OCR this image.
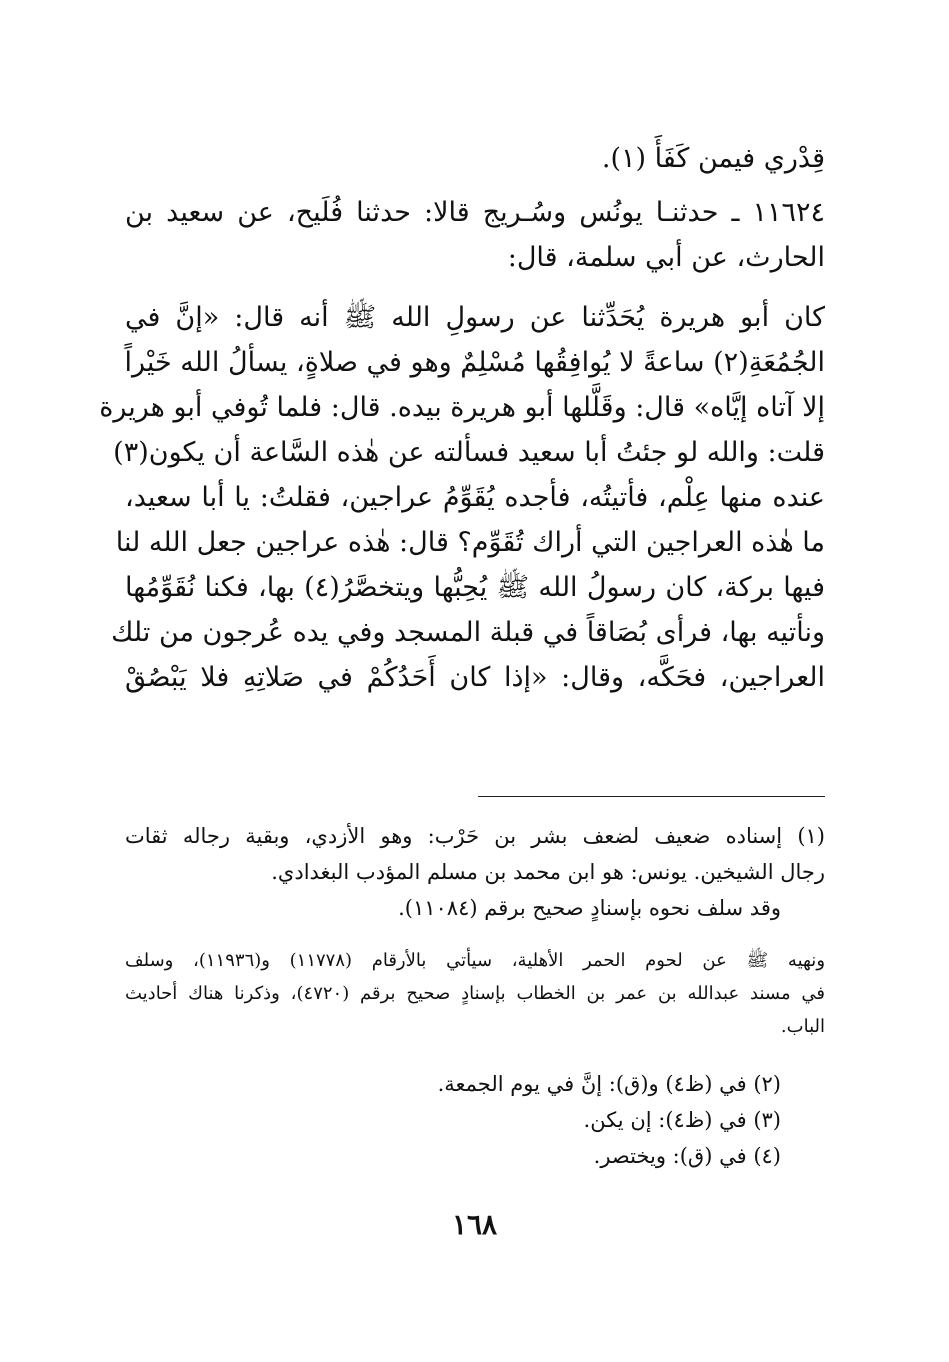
قِدْري فيمن كَفَأَ (١).
١١٦٢٤ ـ حدثنـا يونُس وسُـريج قالا: حدثنا فُلَيح، عن سعيد بن
الحارث، عن أبي سلمة، قال:
كان أبو هريرة يُحَدِّثنا عن رسولِ الله ﷺ أنه قال: «إنَّ في
الجُمُعَةِ(٢) ساعةً لا يُوافِقُها مُسْلِمٌ وهو في صلاةٍ، يسألُ الله خَيْراً
إلا آتاه إيَّاه» قال: وقَلَّلها أبو هريرة بيده. قال: فلما تُوفي أبو هريرة
قلت: والله لو جئتُ أبا سعيد فسألته عن هٰذه السَّاعة أن يكون(٣)
عنده منها عِلْم، فأتيتُه، فأجده يُقَوِّمُ عراجين، فقلتُ: يا أبا سعيد،
ما هٰذه العراجين التي أراك تُقَوِّم؟ قال: هٰذه عراجين جعل الله لنا
فيها بركة، كان رسولُ الله ﷺ يُحِبُّها ويتخصَّرُ(٤) بها، فكنا نُقَوِّمُها
ونأتيه بها، فرأى بُصَاقاً في قبلة المسجد وفي يده عُرجون من تلك
العراجين، فحَكَّه، وقال: «إذا كان أَحَدُكُمْ في صَلاتِهِ فلا يَبْصُقْ
(١) إسناده ضعيف لضعف بشر بن حَرْب: وهو الأزدي، وبقية رجاله ثقات
رجال الشيخين. يونس: هو ابن محمد بن مسلم المؤدب البغدادي.
وقد سلف نحوه بإسنادٍ صحيح برقم (١١٠٨٤).
ونهيه ﷺ عن لحوم الحمر الأهلية، سيأتي بالأرقام (١١٧٧٨) و(١١٩٣٦)، وسلف
في مسند عبدالله بن عمر بن الخطاب بإسنادٍ صحيح برقم (٤٧٢٠)، وذكرنا هناك أحاديث
الباب.
(٢) في (ظ٤) و(ق): إنَّ في يوم الجمعة.
(٣) في (ظ٤): إن يكن.
(٤) في (ق): ويختصر.
١٦٨
